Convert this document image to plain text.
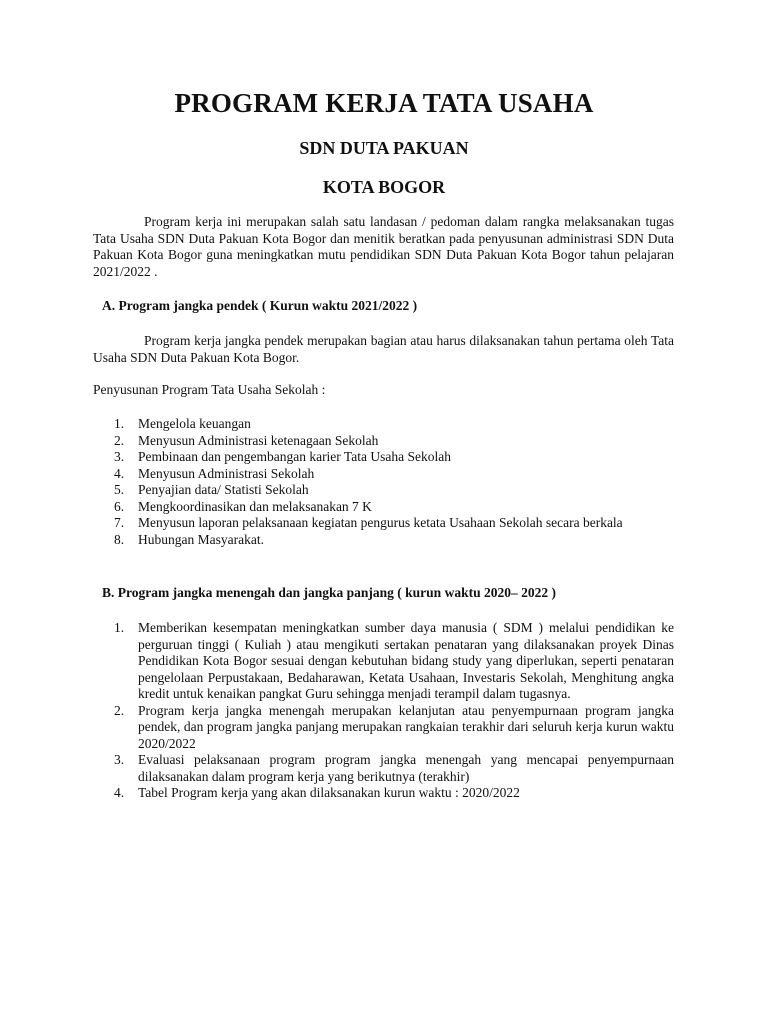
PROGRAM KERJA TATA USAHA
SDN DUTA PAKUAN
KOTA BOGOR

Program kerja ini merupakan salah satu landasan / pedoman dalam rangka melaksanakan tugas Tata Usaha SDN Duta Pakuan Kota Bogor dan menitik beratkan pada penyusunan administrasi SDN Duta Pakuan Kota Bogor guna meningkatkan mutu pendidikan SDN Duta Pakuan Kota Bogor tahun pelajaran 2021/2022 .

A. Program jangka pendek ( Kurun waktu 2021/2022 )

Program kerja jangka pendek merupakan bagian atau harus dilaksanakan tahun pertama oleh Tata Usaha SDN Duta Pakuan Kota Bogor.

Penyusunan Program Tata Usaha Sekolah :
1. Mengelola keuangan
2. Menyusun Administrasi ketenagaan Sekolah
3. Pembinaan dan pengembangan karier Tata Usaha Sekolah
4. Menyusun Administrasi Sekolah
5. Penyajian data/ Statisti Sekolah
6. Mengkoordinasikan dan melaksanakan 7 K
7. Menyusun laporan pelaksanaan kegiatan pengurus ketata Usahaan Sekolah secara berkala
8. Hubungan Masyarakat.
B. Program jangka menengah dan jangka panjang ( kurun waktu 2020– 2022 )
1. Memberikan kesempatan meningkatkan sumber daya manusia ( SDM ) melalui pendidikan ke perguruan tinggi ( Kuliah ) atau mengikuti sertakan penataran yang dilaksanakan proyek Dinas Pendidikan Kota Bogor sesuai dengan kebutuhan bidang study yang diperlukan, seperti penataran pengelolaan Perpustakaan, Bedaharawan, Ketata Usahaan, Investaris Sekolah, Menghitung angka kredit untuk kenaikan pangkat Guru sehingga menjadi terampil dalam tugasnya.
2. Program kerja jangka menengah merupakan kelanjutan atau penyempurnaan program jangka pendek, dan program jangka panjang merupakan rangkaian terakhir dari seluruh kerja kurun waktu 2020/2022
3. Evaluasi pelaksanaan program program jangka menengah yang mencapai penyempurnaan dilaksanakan dalam program kerja yang berikutnya (terakhir)
4. Tabel Program kerja yang akan dilaksanakan kurun waktu : 2020/2022
